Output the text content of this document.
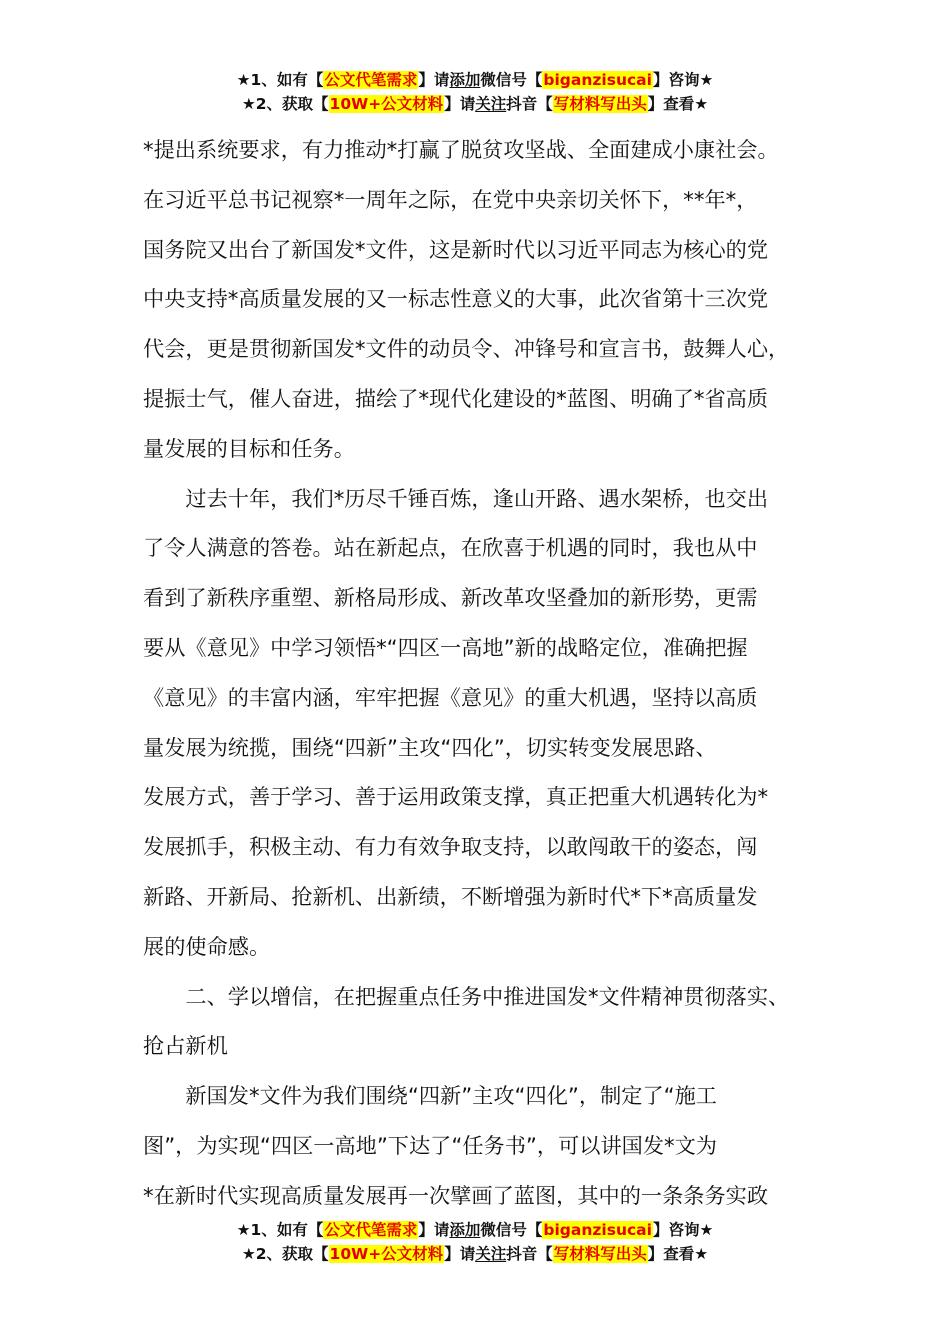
★1、如有【公文代笔需求】请添加微信号【biganzisucai】咨询★
★2、获取【10W+公文材料】请关注抖音【写材料写出头】查看★
*提出系统要求，有力推动*打赢了脱贫攻坚战、全面建成小康社会。
在习近平总书记视察*一周年之际，在党中央亲切关怀下，**年*，
国务院又出台了新国发*文件，这是新时代以习近平同志为核心的党
中央支持*高质量发展的又一标志性意义的大事，此次省第十三次党
代会，更是贯彻新国发*文件的动员令、冲锋号和宣言书，鼓舞人心，
提振士气，催人奋进，描绘了*现代化建设的*蓝图、明确了*省高质
量发展的目标和任务。
　　过去十年，我们*历尽千锤百炼，逢山开路、遇水架桥，也交出
了令人满意的答卷。站在新起点，在欣喜于机遇的同时，我也从中
看到了新秩序重塑、新格局形成、新改革攻坚叠加的新形势，更需
要从《意见》中学习领悟*“四区一高地”新的战略定位，准确把握
《意见》的丰富内涵，牢牢把握《意见》的重大机遇，坚持以高质
量发展为统揽，围绕“四新”主攻“四化”，切实转变发展思路、
发展方式，善于学习、善于运用政策支撑，真正把重大机遇转化为*
发展抓手，积极主动、有力有效争取支持，以敢闯敢干的姿态，闯
新路、开新局、抢新机、出新绩，不断增强为新时代*下*高质量发
展的使命感。
　　二、学以增信，在把握重点任务中推进国发*文件精神贯彻落实、
抢占新机
　　新国发*文件为我们围绕“四新”主攻“四化”，制定了“施工
图”，为实现“四区一高地”下达了“任务书”，可以讲国发*文为
*在新时代实现高质量发展再一次擘画了蓝图，其中的一条条务实政
★1、如有【公文代笔需求】请添加微信号【biganzisucai】咨询★
★2、获取【10W+公文材料】请关注抖音【写材料写出头】查看★
